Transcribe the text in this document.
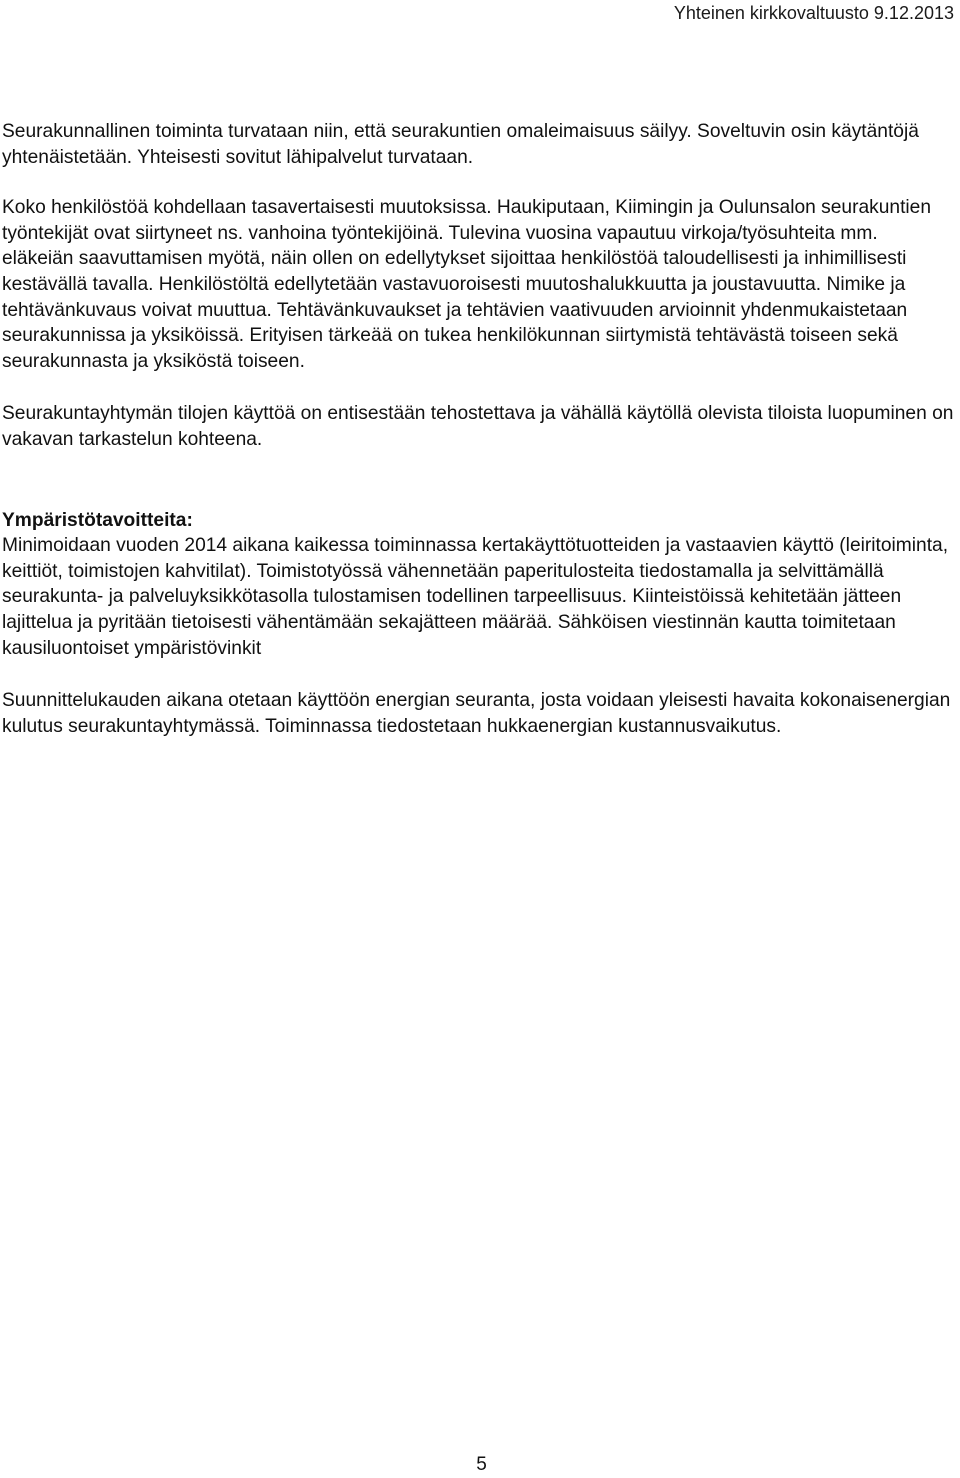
Yhteinen kirkkovaltuusto 9.12.2013

Seurakunnallinen toiminta turvataan niin, että seurakuntien omaleimaisuus säilyy. Soveltuvin osin käytäntöjä yhtenäistetään. Yhteisesti sovitut lähipalvelut turvataan.

Koko henkilöstöä kohdellaan tasavertaisesti muutoksissa. Haukiputaan, Kiimingin ja Oulunsalon seurakuntien työntekijät ovat siirtyneet ns. vanhoina työntekijöinä. Tulevina vuosina vapautuu virkoja/työsuhteita mm. eläkeiän saavuttamisen myötä, näin ollen on edellytykset sijoittaa henkilöstöä taloudellisesti ja inhimillisesti kestävällä tavalla. Henkilöstöltä edellytetään vastavuoroisesti muutoshalukkuutta ja joustavuutta. Nimike ja tehtävänkuvaus voivat muuttua. Tehtävänkuvaukset ja tehtävien vaativuuden arvioinnit yhdenmukaistetaan seurakunnissa ja yksiköissä. Erityisen tärkeää on tukea henkilökunnan siirtymistä tehtävästä toiseen sekä seurakunnasta ja yksiköstä toiseen.

Seurakuntayhtymän tilojen käyttöä on entisestään tehostettava ja vähällä käytöllä olevista tiloista luopuminen on vakavan tarkastelun kohteena.

Ympäristötavoitteita:

Minimoidaan vuoden 2014 aikana kaikessa toiminnassa kertakäyttötuotteiden ja vastaavien käyttö (leiritoiminta, keittiöt, toimistojen kahvitilat). Toimistotyössä vähennetään paperitulosteita tiedostamalla ja selvittämällä seurakunta- ja palveluyksikkötasolla tulostamisen todellinen tarpeellisuus. Kiinteistöissä kehitetään jätteen lajittelua ja pyritään tietoisesti vähentämään sekajätteen määrää. Sähköisen viestinnän kautta toimitetaan kausiluontoiset ympäristövinkit

Suunnittelukauden aikana otetaan käyttöön energian seuranta, josta voidaan yleisesti havaita kokonaisenergian kulutus seurakuntayhtymässä. Toiminnassa tiedostetaan hukkaenergian kustannusvaikutus.

5
